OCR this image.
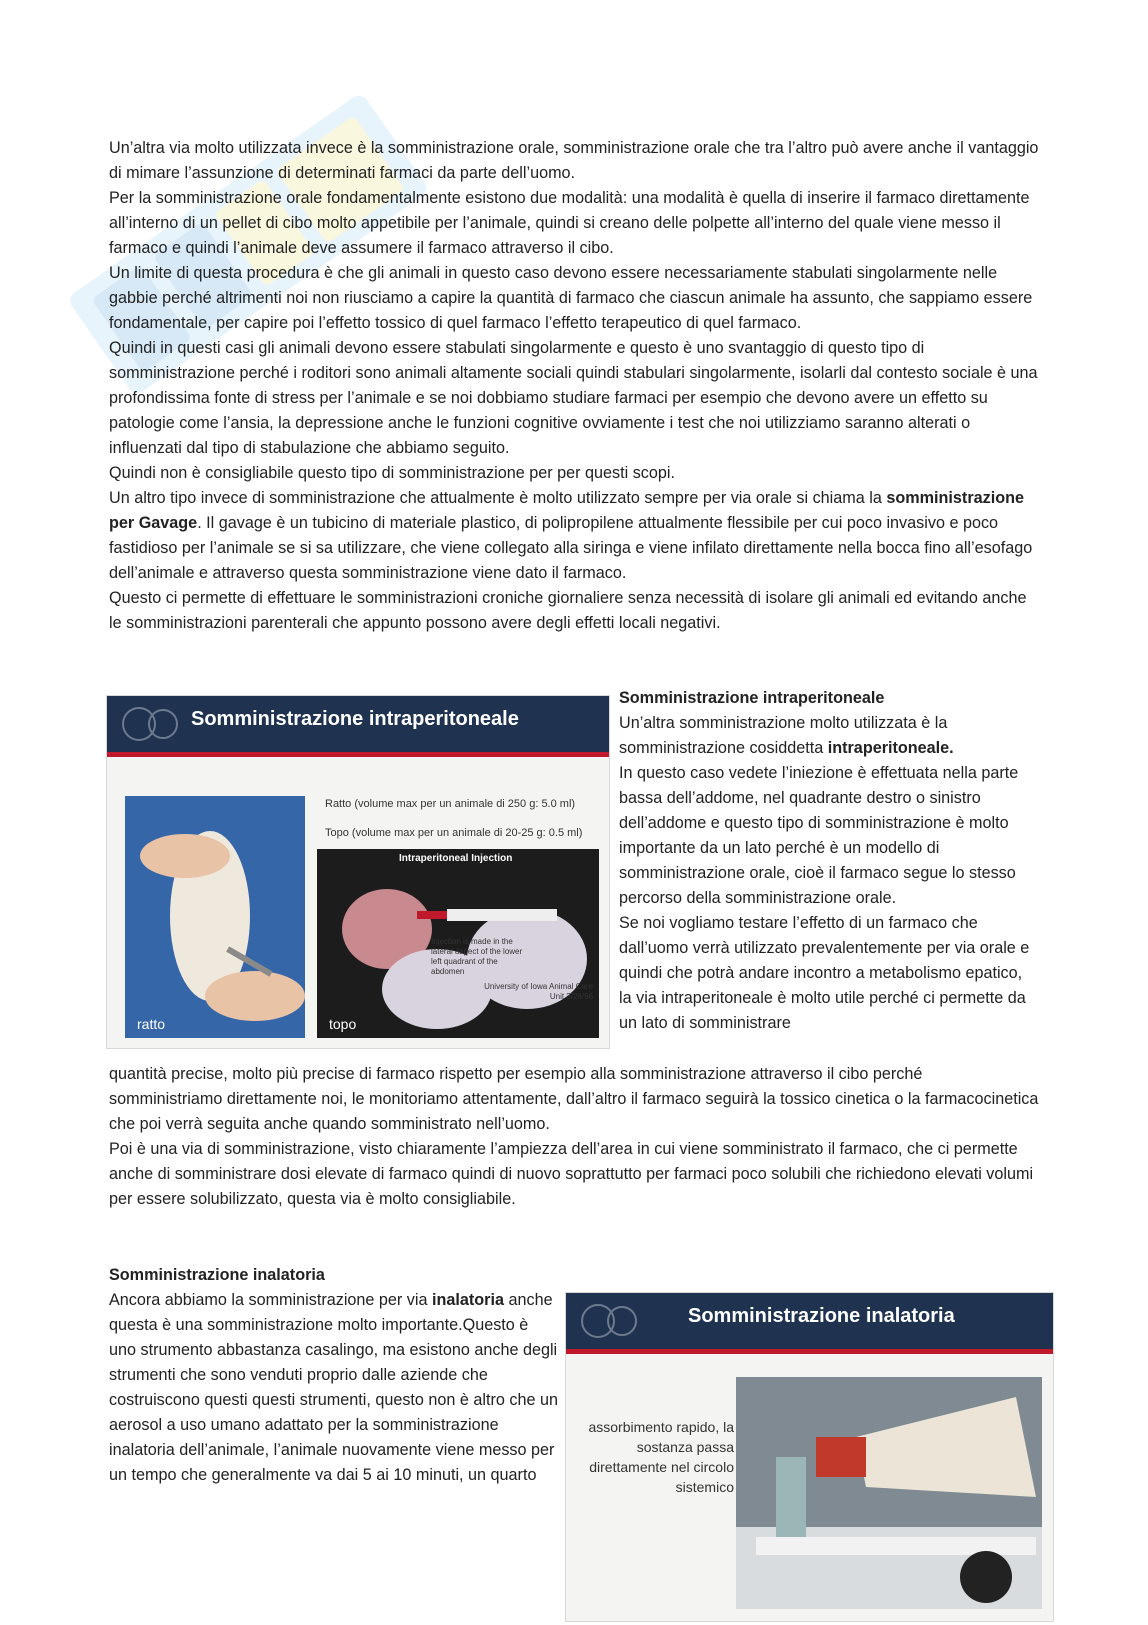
Un’altra via molto utilizzata invece è la somministrazione orale, somministrazione orale che tra l’altro può avere anche il vantaggio di mimare l’assunzione di determinati farmaci da parte dell’uomo.

Per la somministrazione orale fondamentalmente esistono due modalità: una modalità è quella di inserire il farmaco direttamente all’interno di un pellet di cibo molto appetibile per l’animale, quindi si creano delle polpette all’interno del quale viene messo il farmaco e quindi l’animale deve assumere il farmaco attraverso il cibo.

Un limite di questa procedura è che gli animali in questo caso devono essere necessariamente stabulati singolarmente nelle gabbie perché altrimenti noi non riusciamo a capire la quantità di farmaco che ciascun animale ha assunto, che sappiamo essere fondamentale, per capire poi l’effetto tossico di quel farmaco l’effetto terapeutico di quel farmaco.

Quindi in questi casi gli animali devono essere stabulati singolarmente e questo è uno svantaggio di questo tipo di somministrazione perché i roditori sono animali altamente sociali quindi stabulari singolarmente, isolarli dal contesto sociale è una profondissima fonte di stress per l’animale e se noi dobbiamo studiare farmaci per esempio che devono avere un effetto su patologie come l’ansia, la depressione anche le funzioni cognitive ovviamente i test che noi utilizziamo saranno alterati o influenzati dal tipo di stabulazione che abbiamo seguito.

Quindi non è consigliabile questo tipo di somministrazione per per questi scopi.

Un altro tipo invece di somministrazione che attualmente è molto utilizzato sempre per via orale si chiama la somministrazione per Gavage. Il gavage è un tubicino di materiale plastico, di polipropilene attualmente flessibile per cui poco invasivo e poco fastidioso per l’animale se si sa utilizzare, che viene collegato alla siringa e viene infilato direttamente nella bocca fino all’esofago dell’animale e attraverso questa somministrazione viene dato il farmaco.

Questo ci permette di effettuare le somministrazioni croniche giornaliere senza necessità di isolare gli animali ed evitando anche le somministrazioni parenterali che appunto possono avere degli effetti locali negativi.

Somministrazione intraperitoneale
ratto
Ratto (volume max per un animale di 250 g: 5.0 ml)
Topo (volume max per un animale di 20-25 g: 0.5 ml)
Intraperitoneal Injection
Injection is made in the lateral aspect of the lower left quadrant of the abdomen
University of Iowa Animal Care Unit 3/28/96
topo

Somministrazione intraperitoneale

Un’altra somministrazione molto utilizzata è la somministrazione cosiddetta intraperitoneale.

In questo caso vedete l’iniezione è effettuata nella parte bassa dell’addome, nel quadrante destro o sinistro dell’addome e questo tipo di somministrazione è molto importante da un lato perché è un modello di somministrazione orale, cioè il farmaco segue lo stesso percorso della somministrazione orale.

Se noi vogliamo testare l’effetto di un farmaco che dall’uomo verrà utilizzato prevalentemente per via orale e quindi che potrà andare incontro a metabolismo epatico, la via intraperitoneale è molto utile perché ci permette da un lato di somministrare

quantità precise, molto più precise di farmaco rispetto per esempio alla somministrazione attraverso il cibo perché somministriamo direttamente noi, le monitoriamo attentamente, dall’altro il farmaco seguirà la tossico cinetica o la farmacocinetica che poi verrà seguita anche quando somministrato nell’uomo.

Poi è una via di somministrazione, visto chiaramente l’ampiezza dell’area in cui viene somministrato il farmaco, che ci permette anche di somministrare dosi elevate di farmaco quindi di nuovo soprattutto per farmaci poco solubili che richiedono elevati volumi per essere solubilizzato, questa via è molto consigliabile.

Somministrazione inalatoria

Ancora abbiamo la somministrazione per via inalatoria anche questa è una somministrazione molto importante.Questo è uno strumento abbastanza casalingo, ma esistono anche degli strumenti che sono venduti proprio dalle aziende che costruiscono questi questi strumenti, questo non è altro che un aerosol a uso umano adattato per la somministrazione inalatoria dell’animale, l’animale nuovamente viene messo per un tempo che generalmente va dai 5 ai 10 minuti, un quarto

Somministrazione inalatoria
assorbimento rapido, la sostanza passa direttamente nel circolo sistemico
